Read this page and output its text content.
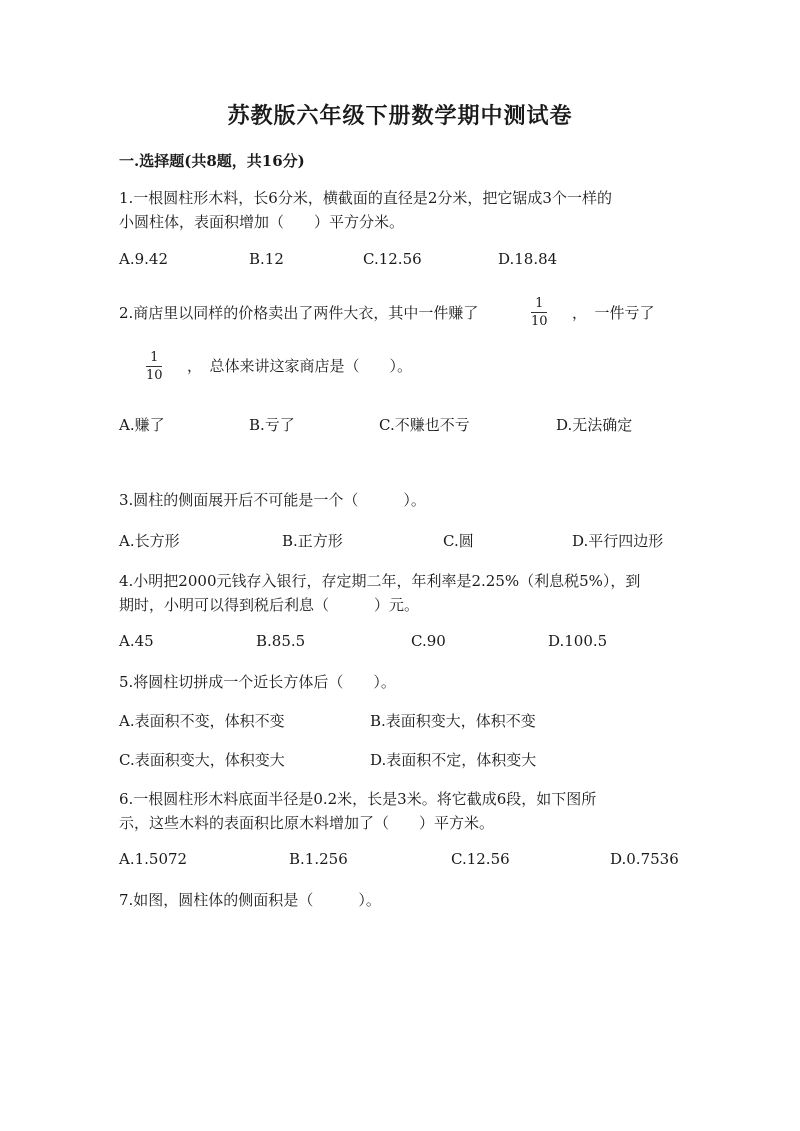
苏教版六年级下册数学期中测试卷
一.选择题(共8题，共16分)
1.一根圆柱形木料，长6分米，横截面的直径是2分米，把它锯成3个一样的
小圆柱体，表面积增加（　　）平方分米。
A.9.42	B.12	C.12.56	D.18.84
2.商店里以同样的价格卖出了两件大衣，其中一件赚了
1
10 ，　一件亏了
1
10
，　总体来讲这家商店是（　　）。
A.赚了	B.亏了	C.不赚也不亏	D.无法确定
3.圆柱的侧面展开后不可能是一个（　　　）。
A.长方形	B.正方形	C.圆	D.平行四边形
4.小明把2000元钱存入银行，存定期二年，年利率是2.25%（利息税5%），到
期时，小明可以得到税后利息（　　　）元。
A.45	B.85.5	C.90	D.100.5
5.将圆柱切拼成一个近长方体后（　　）。
A.表面积不变，体积不变	B.表面积变大，体积不变
C.表面积变大，体积变大	D.表面积不定，体积变大
6.一根圆柱形木料底面半径是0.2米，长是3米。将它截成6段，如下图所
示，这些木料的表面积比原木料增加了（　　）平方米。
A.1.5072	B.1.256	C.12.56	D.0.7536
7.如图，圆柱体的侧面积是（　　　）。
